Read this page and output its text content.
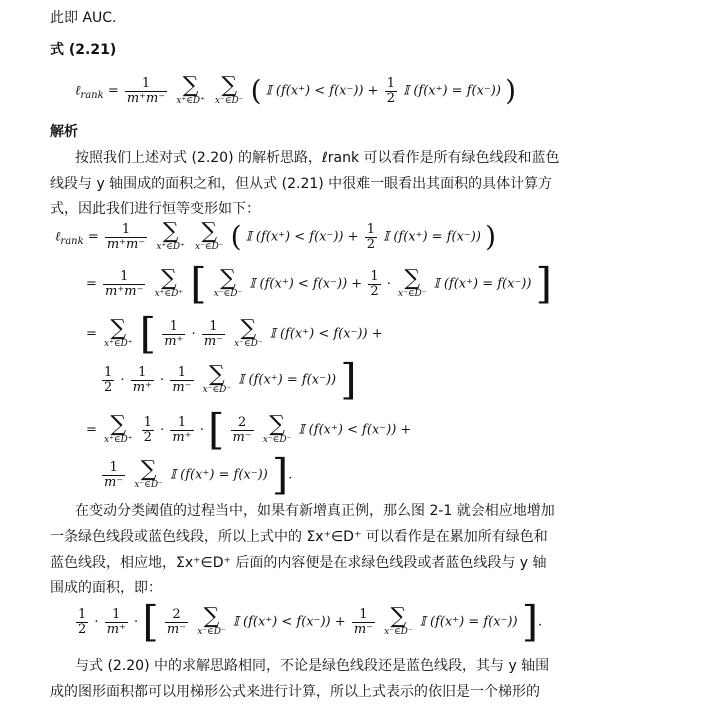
此即 AUC.
式 (2.21)
ℓ$_{rank}$ = $\frac{1}{m^+m^-}$
∑
x⁺∈D⁺

∑
x⁻∈D⁻ ( 𝕀 $(f(x^+) < f(x^-)) + \frac{1}{2}$ 𝕀 (f(x⁺) = f(x⁻)) )
解析
按照我们上述对式 (2.20) 的解析思路，ℓrank 可以看作是所有绿色线段和蓝色
线段与 y 轴围成的面积之和，但从式 (2.21) 中很难一眼看出其面积的具体计算方
式，因此我们进行恒等变形如下：
ℓ$_{rank}$ = $\frac{1}{m^+m^-}$
∑
x⁺∈D⁺

∑
x⁻∈D⁻ ( 𝕀 $(f(x^+) < f(x^-)) + \frac{1}{2}$ 𝕀 (f(x⁺) = f(x⁻)) )
= $\frac{1}{m^+m^-}$
∑
x⁺∈D⁺ [ ∑
x⁻∈D⁻
𝕀 $(f(x^+) < f(x^-)) + \frac{1}{2}$ · ∑
x⁻∈D⁻
𝕀 (f(x⁺) = f(x⁻)) ]
= ∑
x⁺∈D⁺ [ $\frac{1}{m^+} \cdot \frac{1}{m^-}$
∑
x⁻∈D⁻
𝕀 (f(x⁺) < f(x⁻)) +
$\frac{1}{2} \cdot \frac{1}{m^+} \cdot \frac{1}{m^-}$
∑
x⁻∈D⁻
𝕀 (f(x⁺) = f(x⁻)) ]
= ∑
x⁺∈D⁺
$\frac{1}{2} \cdot \frac{1}{m^+}$ · [ $\frac{2}{m^-}$
∑
x⁻∈D⁻
𝕀 (f(x⁺) < f(x⁻)) +
$\frac{1}{m^-}$
∑
x⁻∈D⁻
𝕀 (f(x⁺) = f(x⁻)) ].
在变动分类阈值的过程当中，如果有新增真正例，那么图 2-1 就会相应地增加
一条绿色线段或蓝色线段，所以上式中的 Σx⁺∈D⁺ 可以看作是在累加所有绿色和
蓝色线段，相应地，Σx⁺∈D⁺ 后面的内容便是在求绿色线段或者蓝色线段与 y 轴
围成的面积，即：
$\frac{1}{2} \cdot \frac{1}{m^+}$ · [ $\frac{2}{m^-}$
∑
x⁻∈D⁻
𝕀 $(f(x^+) < f(x^-)) + \frac{1}{m^-}$
∑
x⁻∈D⁻
𝕀 (f(x⁺) = f(x⁻)) ].
与式 (2.20) 中的求解思路相同，不论是绿色线段还是蓝色线段，其与 y 轴围
成的图形面积都可以用梯形公式来进行计算，所以上式表示的依旧是一个梯形的
